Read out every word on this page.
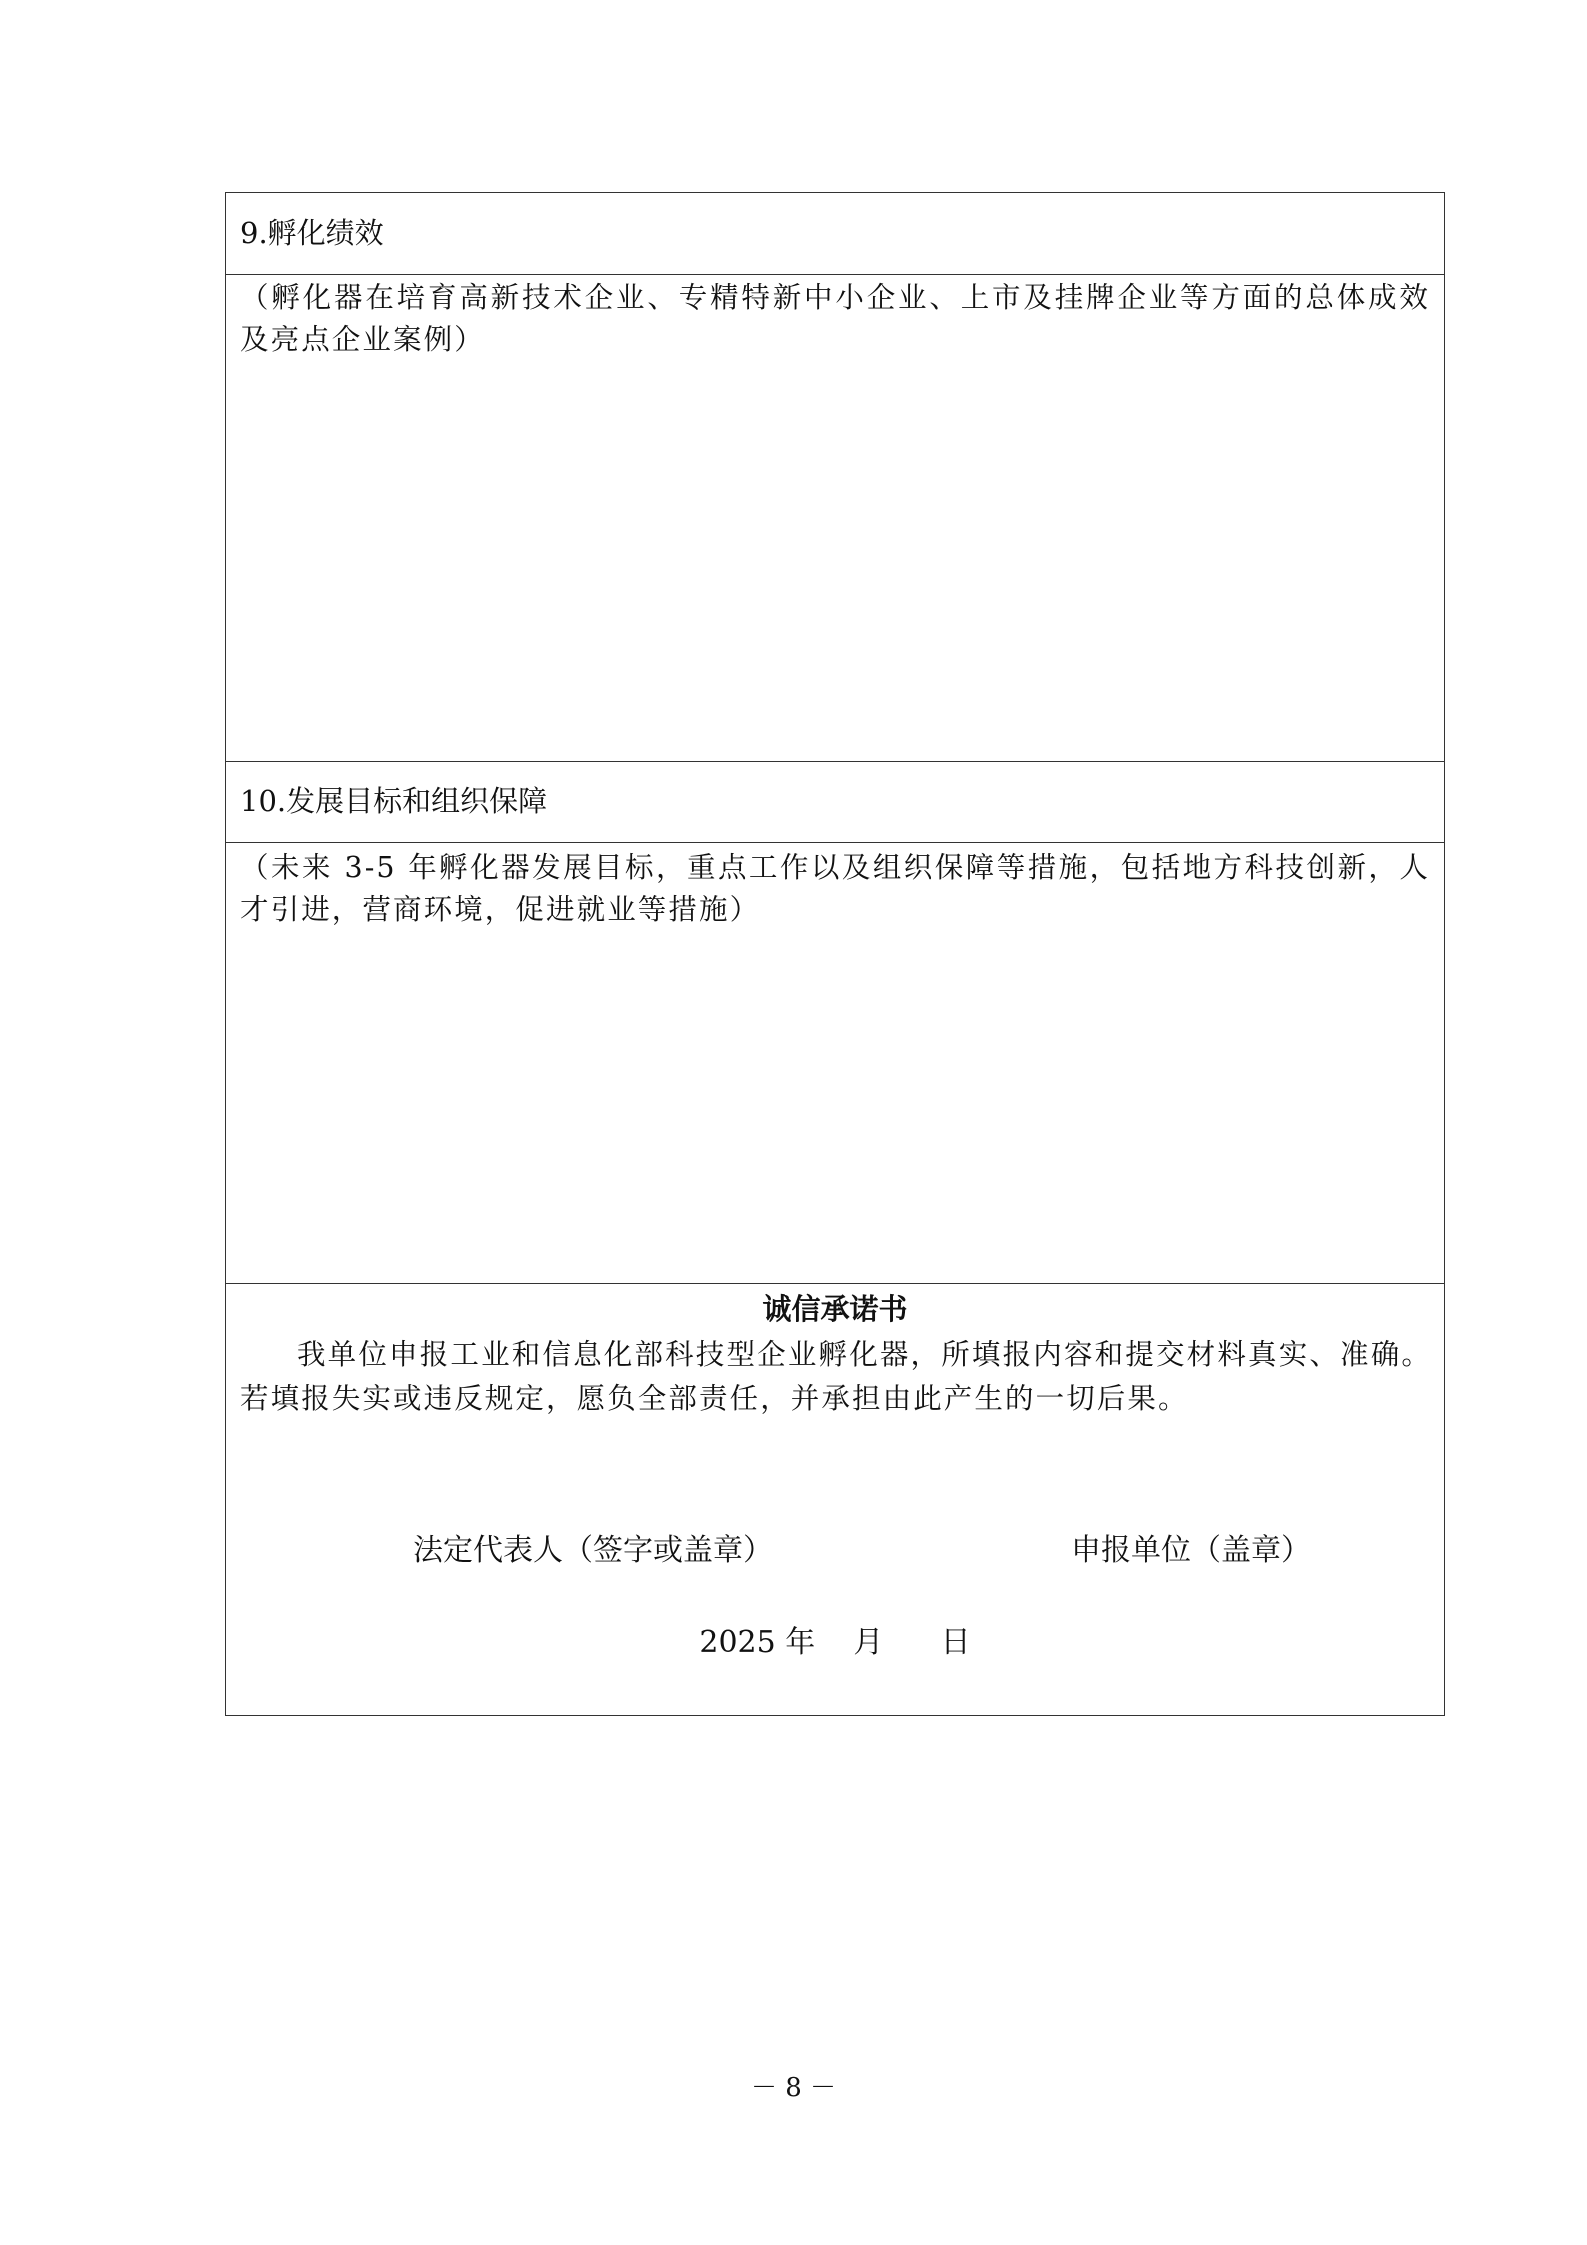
9.孵化绩效
（孵化器在培育高新技术企业、专精特新中小企业、上市及挂牌企业等方面的总体成效及亮点企业案例）
10.发展目标和组织保障
（未来 3-5 年孵化器发展目标，重点工作以及组织保障等措施，包括地方科技创新，人才引进，营商环境，促进就业等措施）
诚信承诺书
我单位申报工业和信息化部科技型企业孵化器，所填报内容和提交材料真实、准确。若填报失实或违反规定，愿负全部责任，并承担由此产生的一切后果。
法定代表人（签字或盖章）	申报单位（盖章）
2025 年    月      日
－ 8 －
